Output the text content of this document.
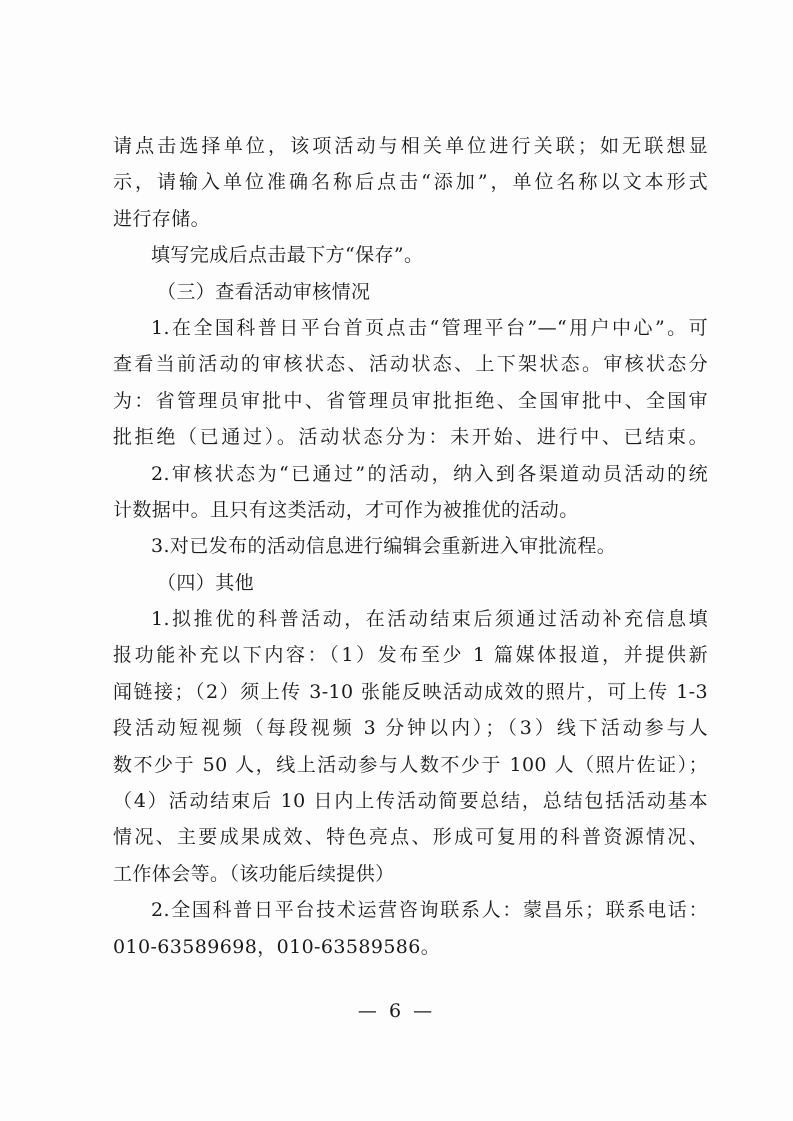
请点击选择单位，该项活动与相关单位进行关联；如无联想显
示，请输入单位准确名称后点击“添加”，单位名称以文本形式
进行存储。
填写完成后点击最下方“保存”。
（三）查看活动审核情况
1.在全国科普日平台首页点击“管理平台”—“用户中心”。可
查看当前活动的审核状态、活动状态、上下架状态。审核状态分
为：省管理员审批中、省管理员审批拒绝、全国审批中、全国审
批拒绝（已通过）。活动状态分为：未开始、进行中、已结束。
2.审核状态为“已通过”的活动，纳入到各渠道动员活动的统
计数据中。且只有这类活动，才可作为被推优的活动。
3.对已发布的活动信息进行编辑会重新进入审批流程。
（四）其他
1.拟推优的科普活动，在活动结束后须通过活动补充信息填
报功能补充以下内容：（1）发布至少 1 篇媒体报道，并提供新
闻链接；（2）须上传 3-10 张能反映活动成效的照片，可上传 1-3
段活动短视频（每段视频 3 分钟以内）；（3）线下活动参与人
数不少于 50 人，线上活动参与人数不少于 100 人（照片佐证）；
（4）活动结束后 10 日内上传活动简要总结，总结包括活动基本
情况、主要成果成效、特色亮点、形成可复用的科普资源情况、
工作体会等。（该功能后续提供）
2.全国科普日平台技术运营咨询联系人：蒙昌乐；联系电话：
010-63589698，010-63589586。
— 6 —
